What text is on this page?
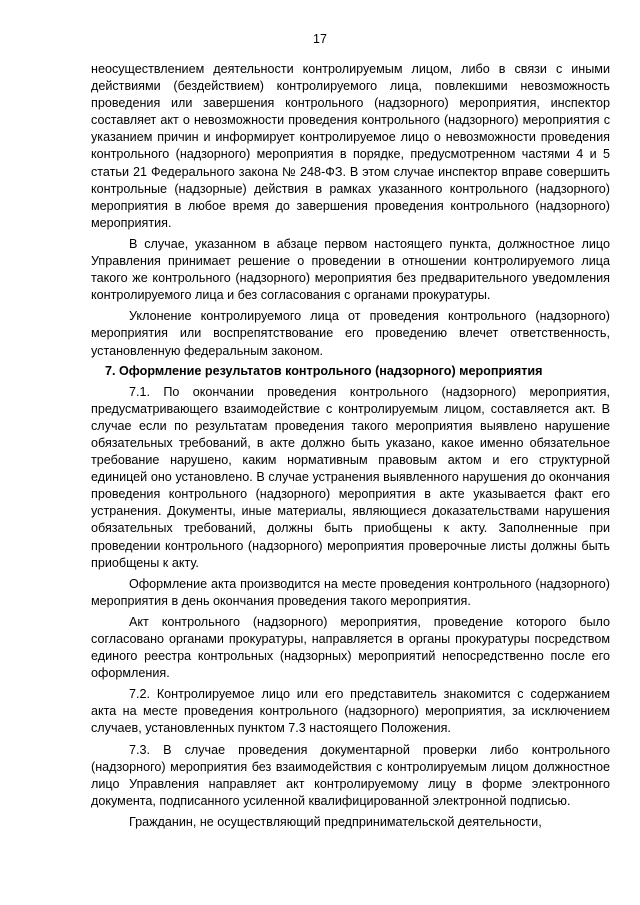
17

неосуществлением деятельности контролируемым лицом, либо в связи с иными действиями (бездействием) контролируемого лица, повлекшими невозможность проведения или завершения контрольного (надзорного) мероприятия, инспектор составляет акт о невозможности проведения контрольного (надзорного) мероприятия с указанием причин и информирует контролируемое лицо о невозможности проведения контрольного (надзорного) мероприятия в порядке, предусмотренном частями 4 и 5 статьи 21 Федерального закона № 248-ФЗ. В этом случае инспектор вправе совершить контрольные (надзорные) действия в рамках указанного контрольного (надзорного) мероприятия в любое время до завершения проведения контрольного (надзорного) мероприятия.

В случае, указанном в абзаце первом настоящего пункта, должностное лицо Управления принимает решение о проведении в отношении контролируемого лица такого же контрольного (надзорного) мероприятия без предварительного уведомления контролируемого лица и без согласования с органами прокуратуры.

Уклонение контролируемого лица от проведения контрольного (надзорного) мероприятия или воспрепятствование его проведению влечет ответственность, установленную федеральным законом.

7. Оформление результатов контрольного (надзорного) мероприятия

7.1. По окончании проведения контрольного (надзорного) мероприятия, предусматривающего взаимодействие с контролируемым лицом, составляется акт. В случае если по результатам проведения такого мероприятия выявлено нарушение обязательных требований, в акте должно быть указано, какое именно обязательное требование нарушено, каким нормативным правовым актом и его структурной единицей оно установлено. В случае устранения выявленного нарушения до окончания проведения контрольного (надзорного) мероприятия в акте указывается факт его устранения. Документы, иные материалы, являющиеся доказательствами нарушения обязательных требований, должны быть приобщены к акту. Заполненные при проведении контрольного (надзорного) мероприятия проверочные листы должны быть приобщены к акту.

Оформление акта производится на месте проведения контрольного (надзорного) мероприятия в день окончания проведения такого мероприятия.

Акт контрольного (надзорного) мероприятия, проведение которого было согласовано органами прокуратуры, направляется в органы прокуратуры посредством единого реестра контрольных (надзорных) мероприятий непосредственно после его оформления.

7.2. Контролируемое лицо или его представитель знакомится с содержанием акта на месте проведения контрольного (надзорного) мероприятия, за исключением случаев, установленных пунктом 7.3 настоящего Положения.

7.3. В случае проведения документарной проверки либо контрольного (надзорного) мероприятия без взаимодействия с контролируемым лицом должностное лицо Управления направляет акт контролируемому лицу в форме электронного документа, подписанного усиленной квалифицированной электронной подписью.

Гражданин, не осуществляющий предпринимательской деятельности,
